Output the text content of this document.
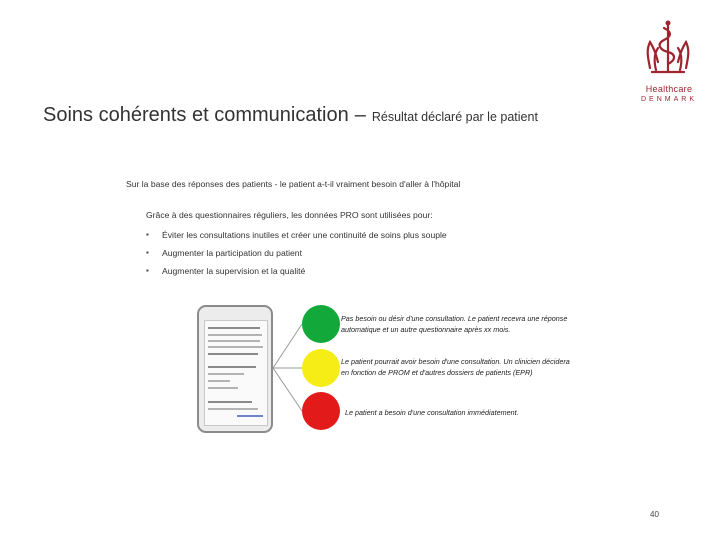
Soins cohérents et communication – Résultat déclaré par le patient
Healthcare
DENMARK
Sur la base des réponses des patients - le patient a-t-il vraiment besoin d'aller à l'hôpital
Grâce à des questionnaires réguliers, les données PRO sont utilisées pour:
▪ Éviter les consultations inutiles et créer une continuité de soins plus souple
▪ Augmenter la participation du patient
▪ Augmenter la supervision et la qualité
Pas besoin ou désir d'une consultation. Le patient recevra une réponse
automatique et un autre questionnaire après xx mois.
Le patient pourrait avoir besoin d'une consultation. Un clinicien décidera
en fonction de PROM et d'autres dossiers de patients (EPR)
Le patient a besoin d'une consultation immédiatement.
40
